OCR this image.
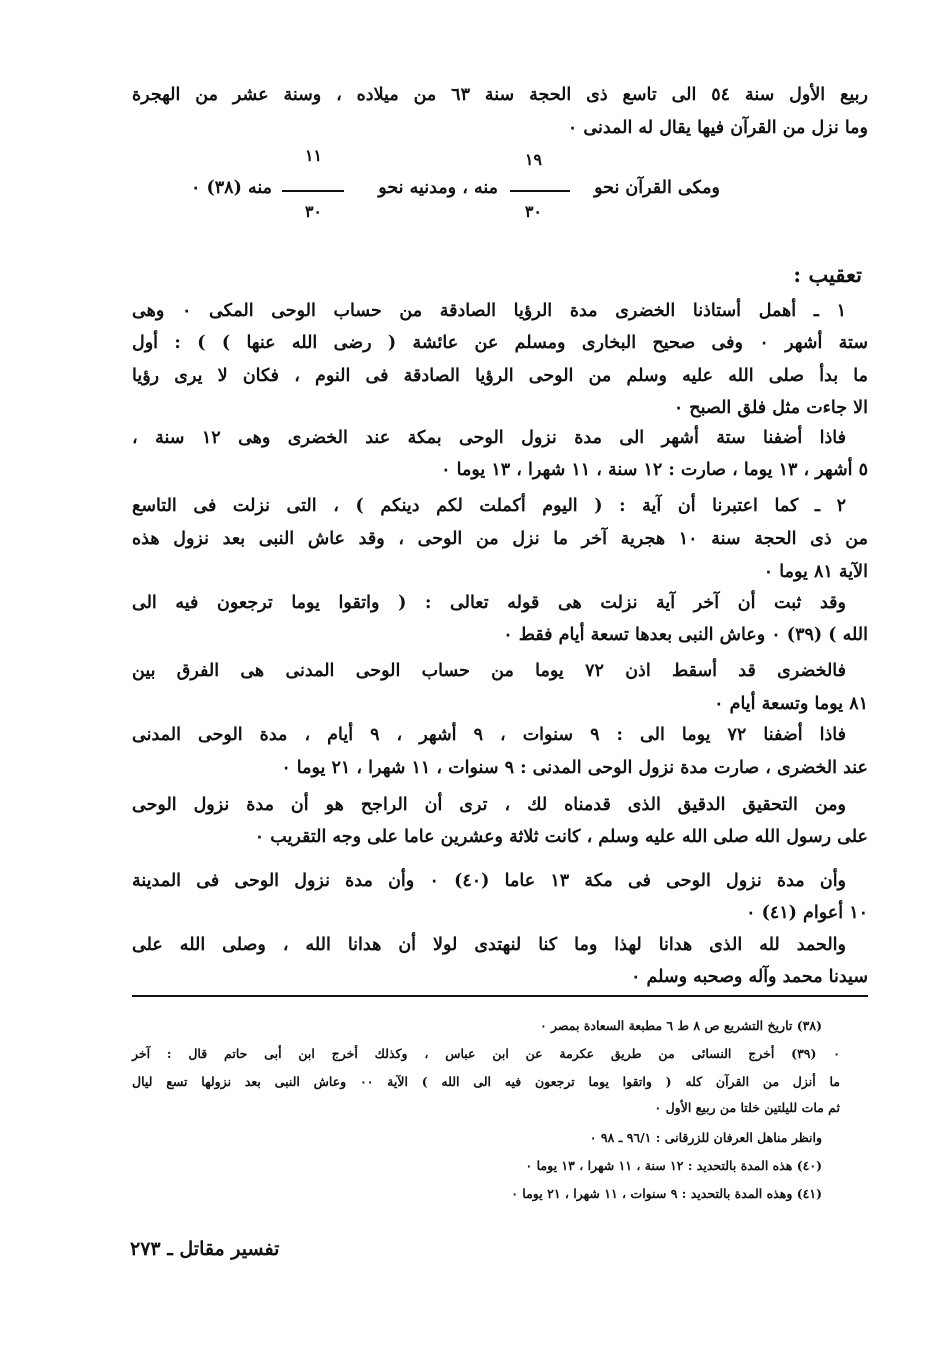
ربيع الأول سنة ٥٤ الى تاسع ذى الحجة سنة ٦٣ من ميلاده ، وسنة عشر من الهجرة
وما نزل من القرآن فيها يقال له المدنى ٠
ومكى القرآن نحو
١٩
٣٠
منه ، ومدنيه نحو
١١
٣٠
منه (٣٨) ٠
تعقيب :
١ ـ أهمل أستاذنا الخضرى مدة الرؤيا الصادقة من حساب الوحى المكى ٠ وهى
ستة أشهر ٠ وفى صحيح البخارى ومسلم عن عائشة ( رضى الله عنها ) ) : أول
ما بدأ صلى الله عليه وسلم من الوحى الرؤيا الصادقة فى النوم ، فكان لا يرى رؤيا
الا جاءت مثل فلق الصبح ٠
فاذا أضفنا ستة أشهر الى مدة نزول الوحى بمكة عند الخضرى وهى ١٢ سنة ،
٥ أشهر ، ١٣ يوما ، صارت : ١٢ سنة ، ١١ شهرا ، ١٣ يوما ٠
٢ ـ كما اعتبرنا أن آية : ( اليوم أكملت لكم دينكم ) ، التى نزلت فى التاسع
من ذى الحجة سنة ١٠ هجرية آخر ما نزل من الوحى ، وقد عاش النبى بعد نزول هذه
الآية ٨١ يوما ٠
وقد ثبت أن آخر آية نزلت هى قوله تعالى : ( واتقوا يوما ترجعون فيه الى
الله ) (٣٩) ٠ وعاش النبى بعدها تسعة أيام فقط ٠
فالخضرى قد أسقط اذن ٧٢ يوما من حساب الوحى المدنى هى الفرق بين
٨١ يوما وتسعة أيام ٠
فاذا أضفنا ٧٢ يوما الى : ٩ سنوات ، ٩ أشهر ، ٩ أيام ، مدة الوحى المدنى
عند الخضرى ، صارت مدة نزول الوحى المدنى : ٩ سنوات ، ١١ شهرا ، ٢١ يوما ٠
ومن التحقيق الدقيق الذى قدمناه لك ، ترى أن الراجح هو أن مدة نزول الوحى
على رسول الله صلى الله عليه وسلم ، كانت ثلاثة وعشرين عاما على وجه التقريب ٠
وأن مدة نزول الوحى فى مكة ١٣ عاما (٤٠) ٠ وأن مدة نزول الوحى فى المدينة
١٠ أعوام (٤١) ٠
والحمد لله الذى هدانا لهذا وما كنا لنهتدى لولا أن هدانا الله ، وصلى الله على
سيدنا محمد وآله وصحبه وسلم ٠
(٣٨) تاريخ التشريع ص ٨ ط ٦ مطبعة السعادة بمصر ٠
٠ (٣٩) أخرج النسائى من طريق عكرمة عن ابن عباس ، وكذلك أخرج ابن أبى حاتم قال : آخر
ما أنزل من القرآن كله ( واتقوا يوما ترجعون فيه الى الله ) الآية ٠٠ وعاش النبى بعد نزولها تسع ليال
ثم مات لليلتين خلتا من ربيع الأول ٠
وانظر مناهل العرفان للزرقانى : ٩٦/١ ـ ٩٨ ٠
(٤٠) هذه المدة بالتحديد : ١٢ سنة ، ١١ شهرا ، ١٣ يوما ٠
(٤١) وهذه المدة بالتحديد : ٩ سنوات ، ١١ شهرا ، ٢١ يوما ٠
تفسير مقاتل ـ ٢٧٣
